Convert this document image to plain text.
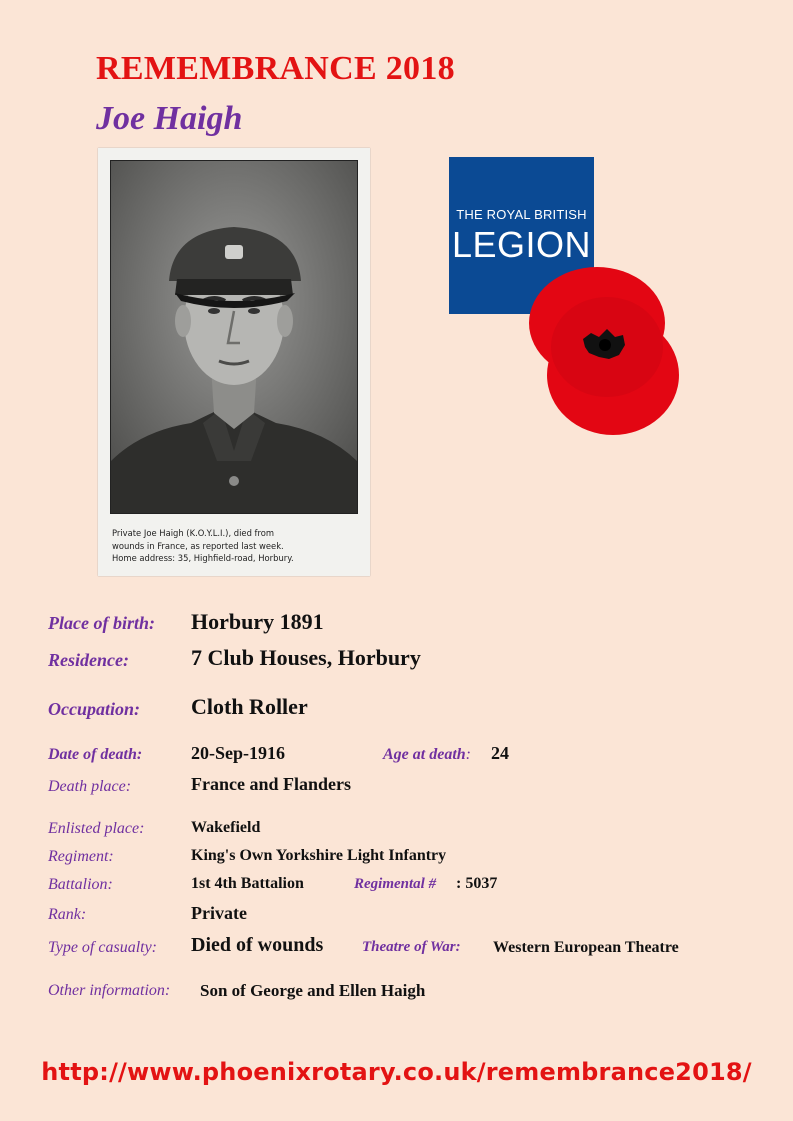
REMEMBRANCE 2018
Joe Haigh

Private Joe Haigh (K.O.Y.L.I.), died from
wounds in France, as reported last week.
Home address: 35, Highfield-road, Horbury.

THE ROYAL BRITISH
LEGION

Place of birth: Horbury 1891

Residence:	7 Club Houses, Horbury

Occupation: Cloth Roller

Date of death:	20-Sep-1916	Age at death: 24

Death place:	France and Flanders

Enlisted place:	Wakefield

Regiment:	King's Own Yorkshire Light Infantry

Battalion:	1st 4th Battalion	Regimental # : 5037

Rank:	Private

Type of casualty: Died of wounds	Theatre of War: Western European Theatre

Other information: Son of George and Ellen Haigh

http://www.phoenixrotary.co.uk/remembrance2018/
